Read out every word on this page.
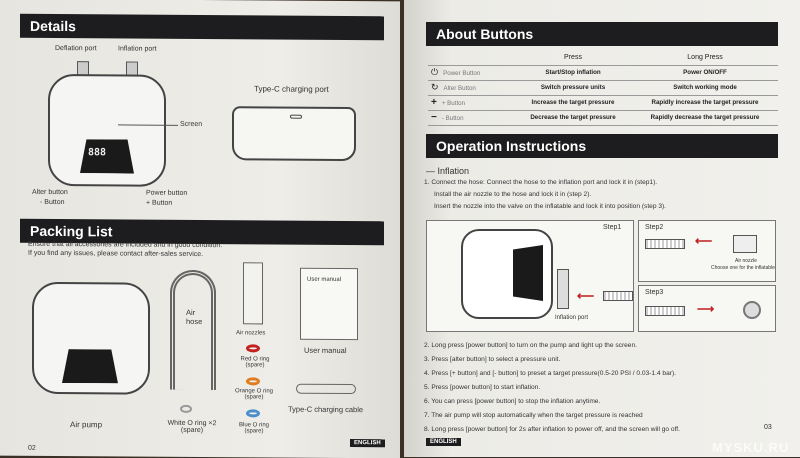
Details
888
Deflation port	Inflation port
Screen
Alter button
- Button
Power button
+ Button
Type-C charging port
Packing List
Ensure that all accessories are included and in good condition.
If you find any issues, please contact after-sales service.
Air pump
Air hose
Air nozzles
Red O ring (spare)
Orange O ring (spare)
Blue O ring (spare)
White O ring ×2 (spare)
User manual
User manual
Type-C charging cable
ENGLISH
02
About Buttons
	Press	Long Press
⏻ Power Button	Start/Stop inflation	Power ON/OFF
↻ Alter Button	Switch pressure units	Switch working mode
+ + Button	Increase the target pressure	Rapidly increase the target pressure
− - Button	Decrease the target pressure	Rapidly decrease the target pressure
Operation Instructions
— Inflation
1. Connect the hose: Connect the hose to the inflation port and lock it in (step1).
Install the air nozzle to the hose and lock it in (step 2).
Insert the nozzle into the valve on the inflatable and lock it into position (step 3).
Step1
⟵
Inflation port
Step2
⟵
Air nozzle
Choose one for the inflatable
Step3
⟶
2. Long press [power button] to turn on the pump and light up the screen.
3. Press [alter button] to select a pressure unit.
4. Press [+ button] and [- button] to preset a target pressure(0.5-20 PSI / 0.03-1.4 bar).
5. Press [power button] to start inflation.
6. You can press [power button] to stop the inflation anytime.
7. The air pump will stop automatically when the target pressure is reached
8. Long press [power button] for 2s after inflation to power off, and the screen will go off.
ENGLISH
03
MYSKU.RU
